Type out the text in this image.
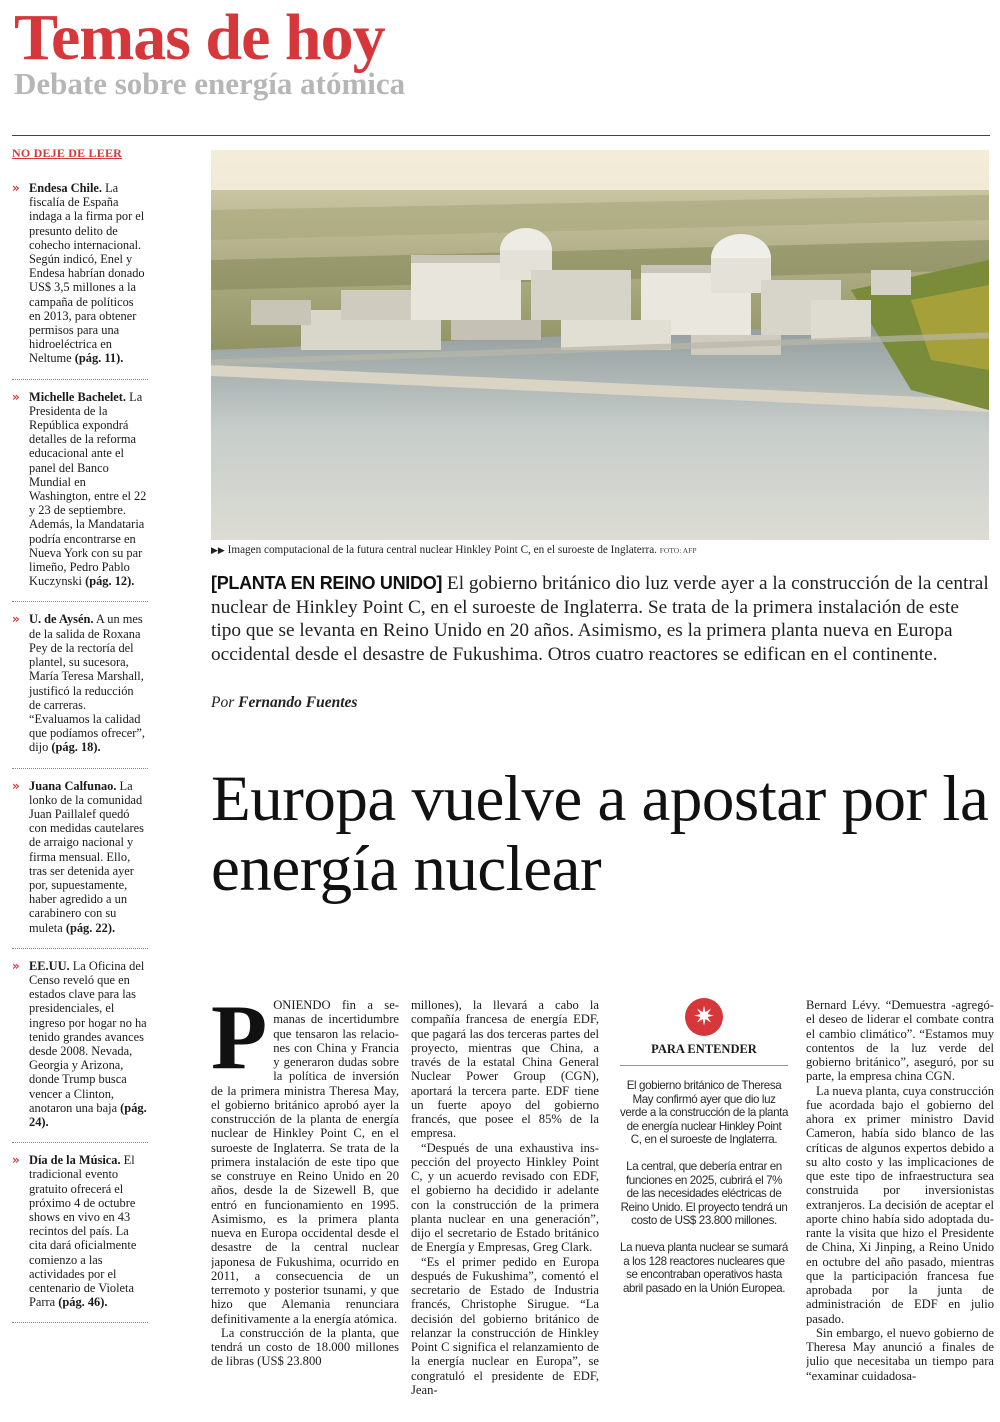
Temas de hoy
Debate sobre energía atómica
NO DEJE DE LEER
» Endesa Chile. La fiscalía de España indaga a la firma por el presunto delito de cohecho internacional. Según indicó, Enel y Endesa habrían donado US$ 3,5 millones a la campaña de políticos en 2013, para obtener permisos para una hidroeléctrica en Neltume (pág. 11).
» Michelle Bachelet. La Presidenta de la República expondrá detalles de la reforma educacional ante el panel del Banco Mundial en Washington, entre el 22 y 23 de septiembre. Además, la Mandataria podría encontrarse en Nueva York con su par limeño, Pedro Pablo Kuczynski (pág. 12).
» U. de Aysén. A un mes de la salida de Roxana Pey de la rectoría del plantel, su sucesora, María Teresa Marshall, justificó la reducción de carreras. “Evaluamos la calidad que podíamos ofrecer”, dijo (pág. 18).
» Juana Calfunao. La lonko de la comunidad Juan Paillalef quedó con medidas cautelares de arraigo nacional y firma mensual. Ello, tras ser detenida ayer por, supuestamente, haber agredido a un carabinero con su muleta (pág. 22).
» EE.UU. La Oficina del Censo reveló que en estados clave para las presidenciales, el ingreso por hogar no ha tenido grandes avances desde 2008. Nevada, Georgia y Arizona, donde Trump busca vencer a Clinton, anotaron una baja (pág. 24).
» Día de la Música. El tradicional evento gratuito ofrecerá el próximo 4 de octubre shows en vivo en 43 recintos del país. La cita dará oficialmente comienzo a las actividades por el centenario de Violeta Parra (pág. 46).
▶▶ Imagen computacional de la futura central nuclear Hinkley Point C, en el suroeste de Inglaterra. FOTO: AFP
[PLANTA EN REINO UNIDO] El gobierno británico dio luz verde ayer a la construcción de la central nuclear de Hinkley Point C, en el suroeste de Inglaterra. Se trata de la primera instalación de este tipo que se levanta en Reino Unido en 20 años. Asimismo, es la primera planta nueva en Europa occidental desde el desastre de Fukushima. Otros cuatro reactores se edifican en el continente.
Por Fernando Fuentes
Europa vuelve a apostar por la energía nuclear
P ONIENDO fin a semanas de incertidumbre que tensaron las relaciones con China y Francia y generaron dudas sobre la política de inversión de la primera ministra Theresa May, el gobierno británico aprobó ayer la construcción de la planta de energía nuclear de Hinkley Point C, en el suroeste de Inglaterra. Se trata de la primera instalación de este tipo que se construye en Reino Unido en 20 años, desde la de Sizewell B, que entró en funcionamiento en 1995. Asimismo, es la primera planta nueva en Europa occidental desde el desastre de la central nuclear japonesa de Fukushima, ocurrido en 2011, a consecuencia de un terremoto y posterior tsunami, y que hizo que Alemania renunciara definitivamente a la energía atómica.

La construcción de la planta, que tendrá un costo de 18.000 millones de libras (US$ 23.800

millones), la llevará a cabo la compañía francesa de energía EDF, que pagará las dos terceras partes del proyecto, mientras que China, a través de la estatal China General Nuclear Power Group (CGN), aportará la tercera parte. EDF tiene un fuerte apoyo del gobierno francés, que posee el 85% de la empresa.

“Después de una exhaustiva inspección del proyecto Hinkley Point C, y un acuerdo revisado con EDF, el gobierno ha decidido ir adelante con la construcción de la primera planta nuclear en una generación”, dijo el secretario de Estado británico de Energía y Empresas, Greg Clark.

“Es el primer pedido en Europa después de Fukushima”, comentó el secretario de Estado de Industria francés, Christophe Sirugue. “La decisión del gobierno británico de relanzar la construcción de Hinkley Point C significa el relanzamiento de la energía nuclear en Europa”, se congratuló el presidente de EDF, Jean-

✷
PARA ENTENDER

El gobierno británico de Theresa May confirmó ayer que dio luz verde a la construcción de la planta de energía nuclear Hinkley Point C, en el suroeste de Inglaterra.

La central, que debería entrar en funciones en 2025, cubrirá el 7% de las necesidades eléctricas de Reino Unido. El proyecto tendrá un costo de US$ 23.800 millones.

La nueva planta nuclear se sumará a los 128 reactores nucleares que se encontraban operativos hasta abril pasado en la Unión Europea.

Bernard Lévy. “Demuestra -agregó- el deseo de liderar el combate contra el cambio climático”. “Estamos muy contentos de la luz verde del gobierno británico”, aseguró, por su parte, la empresa china CGN.

La nueva planta, cuya construcción fue acordada bajo el gobierno del ahora ex primer ministro David Cameron, había sido blanco de las críticas de algunos expertos debido a su alto costo y las implicaciones de que este tipo de infraestructura sea construida por inversionistas extranjeros. La decisión de aceptar el aporte chino había sido adoptada durante la visita que hizo el Presidente de China, Xi Jinping, a Reino Unido en octubre del año pasado, mientras que la participación francesa fue aprobada por la junta de administración de EDF en julio pasado.

Sin embargo, el nuevo gobierno de Theresa May anunció a finales de julio que necesitaba un tiempo para “examinar cuidadosa-
